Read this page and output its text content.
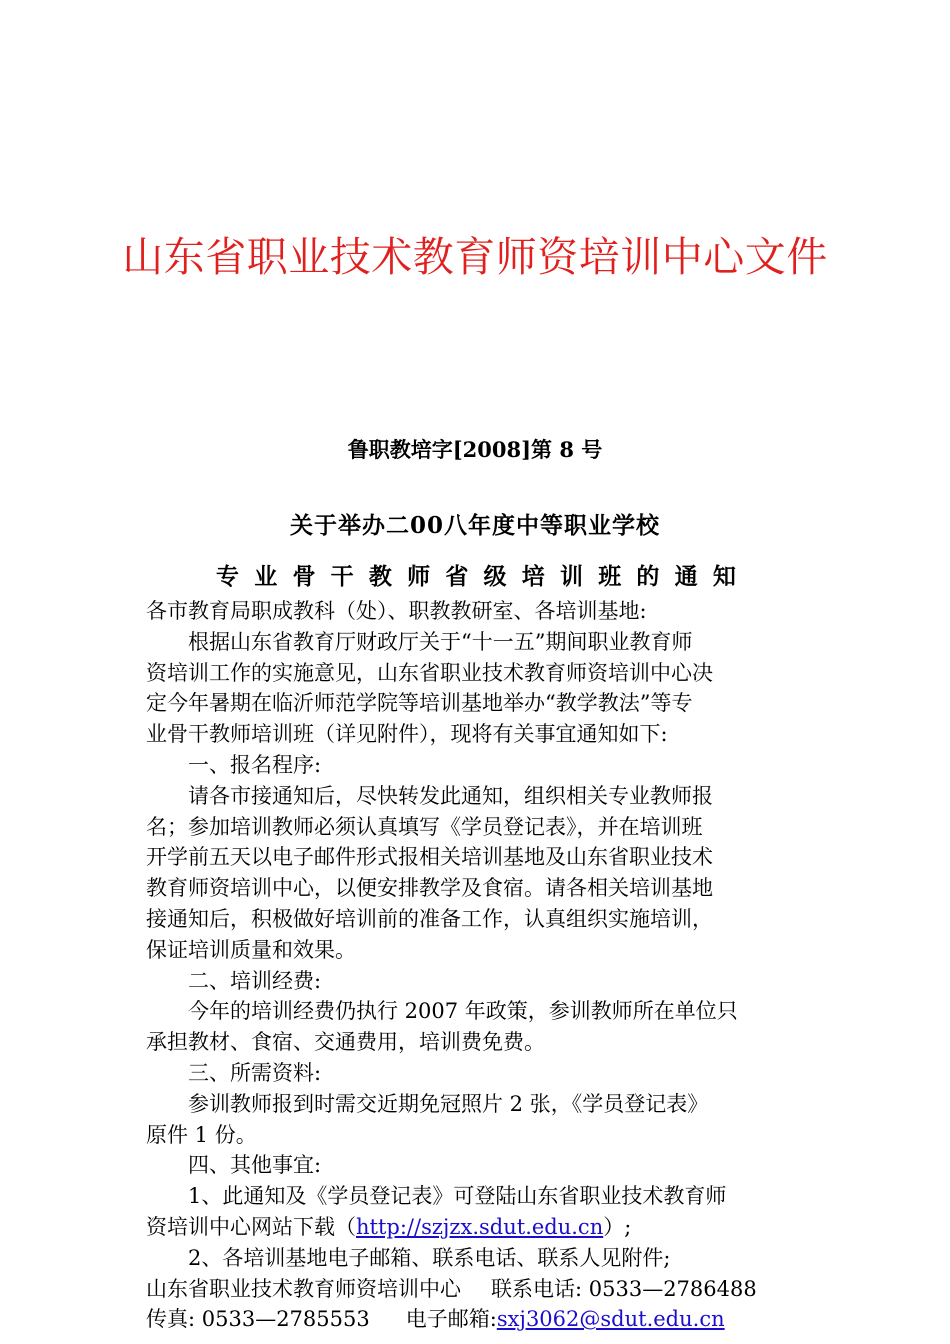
山东省职业技术教育师资培训中心文件
鲁职教培字[2008]第 8 号
关于举办二00八年度中等职业学校
专 业 骨 干 教 师 省 级 培 训 班 的 通 知
各市教育局职成教科（处）、职教教研室、各培训基地:
根据山东省教育厅财政厅关于“十一五”期间职业教育师
资培训工作的实施意见，山东省职业技术教育师资培训中心决
定今年暑期在临沂师范学院等培训基地举办“教学教法”等专
业骨干教师培训班（详见附件），现将有关事宜通知如下:
一、报名程序:
请各市接通知后，尽快转发此通知，组织相关专业教师报
名；参加培训教师必须认真填写《学员登记表》，并在培训班
开学前五天以电子邮件形式报相关培训基地及山东省职业技术
教育师资培训中心，以便安排教学及食宿。请各相关培训基地
接通知后，积极做好培训前的准备工作，认真组织实施培训，
保证培训质量和效果。
二、培训经费:
今年的培训经费仍执行 2007 年政策，参训教师所在单位只
承担教材、食宿、交通费用，培训费免费。
三、所需资料:
参训教师报到时需交近期免冠照片 2 张，《学员登记表》
原件 1 份。
四、其他事宜:
1、此通知及《学员登记表》可登陆山东省职业技术教育师
资培训中心网站下载（http://szjzx.sdut.edu.cn）;
2、各培训基地电子邮箱、联系电话、联系人见附件;
山东省职业技术教育师资培训中心 联系电话: 0533—2786488
传真: 0533—2785553 电子邮箱:sxj3062@sdut.edu.cn
